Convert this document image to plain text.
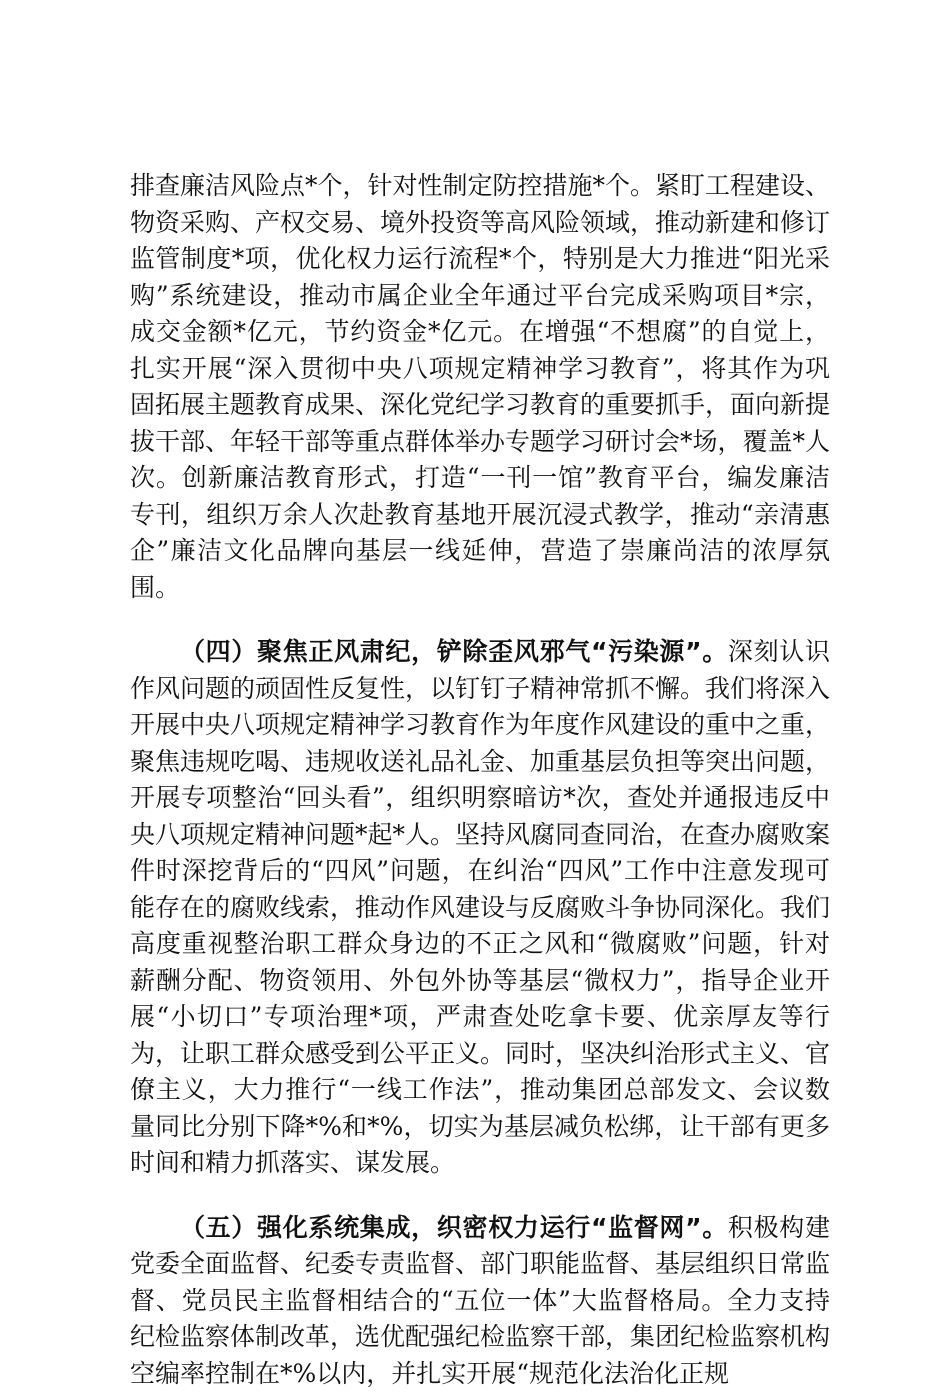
排查廉洁风险点*个，针对性制定防控措施*个。紧盯工程建设、物资采购、产权交易、境外投资等高风险领域，推动新建和修订监管制度*项，优化权力运行流程*个，特别是大力推进“阳光采购”系统建设，推动市属企业全年通过平台完成采购项目*宗，成交金额*亿元，节约资金*亿元。在增强“不想腐”的自觉上，扎实开展“深入贯彻中央八项规定精神学习教育”，将其作为巩固拓展主题教育成果、深化党纪学习教育的重要抓手，面向新提拔干部、年轻干部等重点群体举办专题学习研讨会*场，覆盖*人次。创新廉洁教育形式，打造“一刊一馆”教育平台，编发廉洁专刊，组织万余人次赴教育基地开展沉浸式教学，推动“亲清惠企”廉洁文化品牌向基层一线延伸，营造了崇廉尚洁的浓厚氛围。

（四）聚焦正风肃纪，铲除歪风邪气“污染源”。深刻认识作风问题的顽固性反复性，以钉钉子精神常抓不懈。我们将深入开展中央八项规定精神学习教育作为年度作风建设的重中之重，聚焦违规吃喝、违规收送礼品礼金、加重基层负担等突出问题，开展专项整治“回头看”，组织明察暗访*次，查处并通报违反中央八项规定精神问题*起*人。坚持风腐同查同治，在查办腐败案件时深挖背后的“四风”问题，在纠治“四风”工作中注意发现可能存在的腐败线索，推动作风建设与反腐败斗争协同深化。我们高度重视整治职工群众身边的不正之风和“微腐败”问题，针对薪酬分配、物资领用、外包外协等基层“微权力”，指导企业开展“小切口”专项治理*项，严肃查处吃拿卡要、优亲厚友等行为，让职工群众感受到公平正义。同时，坚决纠治形式主义、官僚主义，大力推行“一线工作法”，推动集团总部发文、会议数量同比分别下降*%和*%，切实为基层减负松绑，让干部有更多时间和精力抓落实、谋发展。

（五）强化系统集成，织密权力运行“监督网”。积极构建党委全面监督、纪委专责监督、部门职能监督、基层组织日常监督、党员民主监督相结合的“五位一体”大监督格局。全力支持纪检监察体制改革，选优配强纪检监察干部，集团纪检监察机构空编率控制在*%以内，并扎实开展“规范化法治化正规
